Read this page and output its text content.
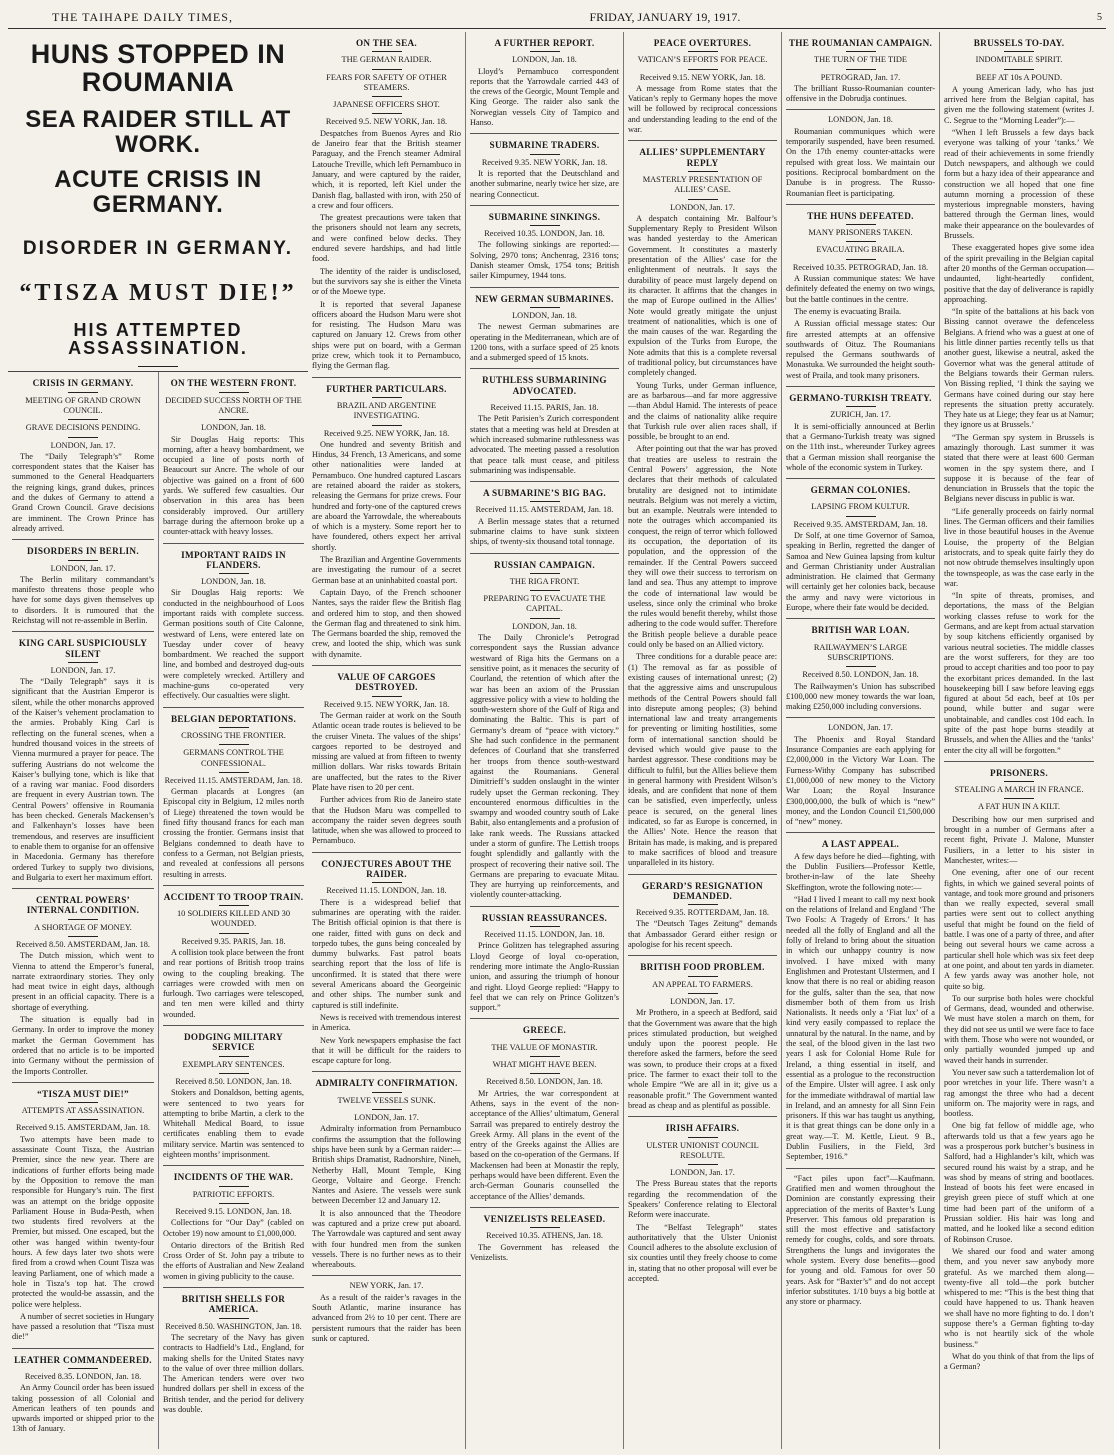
THE TAIHAPE DAILY TIMES,	FRIDAY, JANUARY 19, 1917.	5
HUNS STOPPED IN ROUMANIA
SEA RAIDER STILL AT WORK.
ACUTE CRISIS IN GERMANY.
DISORDER IN GERMANY.
“TISZA MUST DIE!”
HIS ATTEMPTED ASSASSINATION.
CRISIS IN GERMANY.
MEETING OF GRAND CROWN COUNCIL.
GRAVE DECISIONS PENDING.
LONDON, Jan. 17.

The “Daily Telegraph’s” Rome correspondent states that the Kaiser has summoned to the General Headquarters the reigning kings, grand dukes, princes and the dukes of Germany to attend a Grand Crown Council. Grave decisions are imminent. The Crown Prince has already arrived.

DISORDERS IN BERLIN.
LONDON, Jan. 17.

The Berlin military commandant’s manifesto threatens those people who have for some days given themselves up to disorders. It is rumoured that the Reichstag will not re-assemble in Berlin.

KING CARL SUSPICIOUSLY SILENT
LONDON, Jan. 17.

The “Daily Telegraph” says it is significant that the Austrian Emperor is silent, while the other monarchs approved of the Kaiser’s vehement proclamation to the armies. Probably King Carl is reflecting on the funeral scenes, when a hundred thousand voices in the streets of Vienna murmured a prayer for peace. The suffering Austrians do not welcome the Kaiser’s bullying tone, which is like that of a raving war maniac. Food disorders are frequent in every Austrian town. The Central Powers’ offensive in Roumania has been checked. Generals Mackensen’s and Falkenhayn’s losses have been tremendous, and reserves are insufficient to enable them to organise for an offensive in Macedonia. Germany has therefore ordered Turkey to supply two divisions, and Bulgaria to exert her maximum effort.

CENTRAL POWERS’ INTERNAL CONDITION.
A SHORTAGE OF MONEY.
Received 8.50. AMSTERDAM, Jan. 18.

The Dutch mission, which went to Vienna to attend the Emperor’s funeral, narrate extraordinary stories. They only had meat twice in eight days, although present in an official capacity. There is a shortage of everything.

The situation is equally bad in Germany. In order to improve the money market the German Government has ordered that no article is to be imported into Germany without the permission of the Imports Controller.

“TISZA MUST DIE!”
ATTEMPTS AT ASSASSINATION.
Received 9.15. AMSTERDAM, Jan. 18.

Two attempts have been made to assassinate Count Tisza, the Austrian Premier, since the new year. There are indications of further efforts being made by the Opposition to remove the man responsible for Hungary’s ruin. The first was an attempt on the bridge opposite Parliament House in Buda-Pesth, when two students fired revolvers at the Premier, but missed. One escaped, but the other was hanged within twenty-four hours. A few days later two shots were fired from a crowd when Count Tisza was leaving Parliament, one of which made a hole in Tisza’s top hat. The crowd protected the would-be assassin, and the police were helpless.

A number of secret societies in Hungary have passed a resolution that “Tisza must die!”

LEATHER COMMANDEERED.
Received 8.35. LONDON, Jan. 18.

An Army Council order has been issued taking possession of all Colonial and American leathers of ten pounds and upwards imported or shipped prior to the 13th of January.

ON THE WESTERN FRONT.
DECIDED SUCCESS NORTH OF THE ANCRE.
LONDON, Jan. 18.

Sir Douglas Haig reports: This morning, after a heavy bombardment, we occupied a line of posts north of Beaucourt sur Ancre. The whole of our objective was gained on a front of 600 yards. We suffered few casualties. Our observation in this area has been considerably improved. Our artillery barrage during the afternoon broke up a counter-attack with heavy losses.

IMPORTANT RAIDS IN FLANDERS.
LONDON, Jan. 18.

Sir Douglas Haig reports: We conducted in the neighbourhood of Loos important raids with complete success. German positions south of Cite Calonne, westward of Lens, were entered late on Tuesday under cover of heavy bombardment. We reached the support line, and bombed and destroyed dug-outs were completely wrecked. Artillery and machine-guns co-operated very effectively. Our casualties were slight.

BELGIAN DEPORTATIONS.
CROSSING THE FRONTIER.
GERMANS CONTROL THE CONFESSIONAL.
Received 11.15. AMSTERDAM, Jan. 18.

German placards at Longres (an Episcopal city in Belgium, 12 miles north of Liege) threatened the town would be fined fifty thousand francs for each man crossing the frontier. Germans insist that Belgians condemned to death have to confess to a German, not Belgian priests, and revealed at confessions all persons resulting in arrests.

ACCIDENT TO TROOP TRAIN.
10 SOLDIERS KILLED AND 30 WOUNDED.
Received 9.35. PARIS, Jan. 18.

A collision took place between the front and rear portions of British troop trains owing to the coupling breaking. The carriages were crowded with men on furlough. Two carriages were telescoped, and ten men were killed and thirty wounded.

DODGING MILITARY SERVICE
EXEMPLARY SENTENCES.
Received 8.50. LONDON, Jan. 18.

Stokers and Donaldson, betting agents, were sentenced to two years for attempting to bribe Martin, a clerk to the Whitehall Medical Board, to issue certificates enabling them to evade military service. Martin was sentenced to eighteen months’ imprisonment.

INCIDENTS OF THE WAR.
PATRIOTIC EFFORTS.
Received 9.15. LONDON, Jan. 18.

Collections for “Our Day” (cabled on October 19) now amount to £1,000,000.

Ontario directors of the British Red Cross Order of St. John pay a tribute to the efforts of Australian and New Zealand women in giving publicity to the cause.

BRITISH SHELLS FOR AMERICA.
Received 8.50. WASHINGTON, Jan. 18.

The secretary of the Navy has given contracts to Hadfield’s Ltd., England, for making shells for the United States navy to the value of over three million dollars. The American tenders were over two hundred dollars per shell in excess of the British tender, and the period for delivery was double.

ON THE SEA.
THE GERMAN RAIDER.
FEARS FOR SAFETY OF OTHER STEAMERS.
JAPANESE OFFICERS SHOT.
Received 9.5. NEW YORK, Jan. 18.

Despatches from Buenos Ayres and Rio de Janeiro fear that the British steamer Paraguay, and the French steamer Admiral Latouche Treville, which left Pernambuco in January, and were captured by the raider, which, it is reported, left Kiel under the Danish flag, ballasted with iron, with 250 of a crew and four officers.

The greatest precautions were taken that the prisoners should not learn any secrets, and were confined below decks. They endured severe hardships, and had little food.

The identity of the raider is undisclosed, but the survivors say she is either the Vineta or of the Moewe type.

It is reported that several Japanese officers aboard the Hudson Maru were shot for resisting. The Hudson Maru was captured on January 12. Crews from other ships were put on board, with a German prize crew, which took it to Pernambuco, flying the German flag.

FURTHER PARTICULARS.
BRAZIL AND ARGENTINE INVESTIGATING.
Received 9.25. NEW YORK, Jan. 18.

One hundred and seventy British and Hindus, 34 French, 13 Americans, and some other nationalities were landed at Pernambuco. One hundred captured Lascars are retained aboard the raider as stokers, releasing the Germans for prize crews. Four hundred and forty-one of the captured crews are aboard the Yarrowdale, the whereabouts of which is a mystery. Some report her to have foundered, others expect her arrival shortly.

The Brazilian and Argentine Governments are investigating the rumour of a secret German base at an uninhabited coastal port.

Captain Dayo, of the French schooner Nantes, says the raider flew the British flag and ordered him to stop, and then showed the German flag and threatened to sink him. The Germans boarded the ship, removed the crew, and looted the ship, which was sunk with dynamite.

VALUE OF CARGOES DESTROYED.
Received 9.15. NEW YORK, Jan. 18.

The German raider at work on the South Atlantic ocean trade routes is believed to be the cruiser Vineta. The values of the ships’ cargoes reported to be destroyed and missing are valued at from fifteen to twenty million dollars. War risks towards Britain are unaffected, but the rates to the River Plate have risen to 20 per cent.

Further advices from Rio de Janeiro state that the Hudson Maru was compelled to accompany the raider seven degrees south latitude, when she was allowed to proceed to Pernambuco.

CONJECTURES ABOUT THE RAIDER.
Received 11.15. LONDON, Jan. 18.

There is a widespread belief that submarines are operating with the raider. The British official opinion is that there is one raider, fitted with guns on deck and torpedo tubes, the guns being concealed by dummy bulwarks. Fast patrol boats searching report that the loss of life is unconfirmed. It is stated that there were several Americans aboard the Georgeinic and other ships. The number sunk and captured is still indefinite.

News is received with tremendous interest in America.

New York newspapers emphasise the fact that it will be difficult for the raiders to escape capture for long.

ADMIRALTY CONFIRMATION.
TWELVE VESSELS SUNK.
LONDON, Jan. 17.

Admiralty information from Pernambuco confirms the assumption that the following ships have been sunk by a German raider:—British ships Dramatist, Radnorshire, Nineh, Netherby Hall, Mount Temple, King George, Voltaire and George. French: Nantes and Asiere. The vessels were sunk between December 12 and January 12.

It is also announced that the Theodore was captured and a prize crew put aboard. The Yarrowdale was captured and sent away with four hundred men from the sunken vessels. There is no further news as to their whereabouts.

NEW YORK, Jan. 17.

As a result of the raider’s ravages in the South Atlantic, marine insurance has advanced from 2½ to 10 per cent. There are persistent rumours that the raider has been sunk or captured.

A FURTHER REPORT.
LONDON, Jan. 18.

Lloyd’s Pernambuco correspondent reports that the Yarrowdale carried 443 of the crews of the Georgic, Mount Temple and King George. The raider also sank the Norwegian vessels City of Tampico and Hanso.

SUBMARINE TRADERS.
Received 9.35. NEW YORK, Jan. 18.

It is reported that the Deutschland and another submarine, nearly twice her size, are nearing Connecticut.

SUBMARINE SINKINGS.
Received 10.35. LONDON, Jan. 18.

The following sinkings are reported:— Solving, 2970 tons; Anchenrag, 2316 tons; Danish steamer Omsk, 1754 tons; British sailer Kimpurney, 1944 tons.

NEW GERMAN SUBMARINES.
LONDON, Jan. 18.

The newest German submarines are operating in the Mediterranean, which are of 1200 tons, with a surface speed of 25 knots and a submerged speed of 15 knots.

RUTHLESS SUBMARINING ADVOCATED.
Received 11.15. PARIS, Jan. 18.

The Petit Parisien’s Zurich correspondent states that a meeting was held at Dresden at which increased submarine ruthlessness was advocated. The meeting passed a resolution that peace talk must cease, and pitiless submarining was indispensable.

A SUBMARINE’S BIG BAG.
Received 11.15. AMSTERDAM, Jan. 18.

A Berlin message states that a returned submarine claims to have sunk sixteen ships, of twenty-six thousand total tonnage.

RUSSIAN CAMPAIGN.
THE RIGA FRONT.
PREPARING TO EVACUATE THE CAPITAL.
LONDON, Jan. 18.

The Daily Chronicle’s Petrograd correspondent says the Russian advance westward of Riga hits the Germans on a sensitive point, as it menaces the security of Courland, the retention of which after the war has been an axiom of the Prussian aggressive policy with a view to holding the south-western shore of the Gulf of Riga and dominating the Baltic. This is part of Germany’s dream of “peace with victory.” She had such confidence in the permanent defences of Courland that she transferred her troops from thence south-westward against the Roumanians. General Dimitrieff’s sudden onslaught in the winter rudely upset the German reckoning. They encountered enormous difficulties in the swampy and wooded country south of Lake Babit, also entanglements and a profusion of lake rank weeds. The Russians attacked under a storm of gunfire. The Lettish troops fought splendidly and gallantly with the prospect of recovering their native soil. The Germans are preparing to evacuate Mitau. They are hurrying up reinforcements, and violently counter-attacking.

RUSSIAN REASSURANCES.
Received 11.15. LONDON, Jan. 18.

Prince Golitzen has telegraphed assuring Lloyd George of loyal co-operation, rendering more intimate the Anglo-Russian union, and assuring the triumph of honour and right. Lloyd George replied: “Happy to feel that we can rely on Prince Golitzen’s support.”

GREECE.
THE VALUE OF MONASTIR.
WHAT MIGHT HAVE BEEN.
Received 8.50. LONDON, Jan. 18.

Mr Artries, the war correspondent at Athens, says in the event of the non-acceptance of the Allies’ ultimatum, General Sarrail was prepared to entirely destroy the Greek Army. All plans in the event of the entry of the Greeks against the Allies are based on the co-operation of the Germans. If Mackensen had been at Monastir the reply, perhaps would have been different. Even the arch-German Gounaris counselled the acceptance of the Allies’ demands.

VENIZELISTS RELEASED.
Received 10.35. ATHENS, Jan. 18.

The Government has released the Venizelists.

PEACE OVERTURES.
VATICAN’S EFFORTS FOR PEACE.
Received 9.15. NEW YORK, Jan. 18.

A message from Rome states that the Vatican’s reply to Germany hopes the move will be followed by reciprocal concessions and understanding leading to the end of the war.

ALLIES’ SUPPLEMENTARY REPLY
MASTERLY PRESENTATION OF ALLIES’ CASE.
LONDON, Jan. 17.

A despatch containing Mr. Balfour’s Supplementary Reply to President Wilson was handed yesterday to the American Government. It constitutes a masterly presentation of the Allies’ case for the enlightenment of neutrals. It says the durability of peace must largely depend on its character. It affirms that the changes in the map of Europe outlined in the Allies’ Note would greatly mitigate the unjust treatment of nationalities, which is one of the main causes of the war. Regarding the expulsion of the Turks from Europe, the Note admits that this is a complete reversal of traditional policy, but circumstances have completely changed.

Young Turks, under German influence, are as barbarous—and far more aggressive—than Abdul Hamid. The interests of peace and the claims of nationality alike require that Turkish rule over alien races shall, if possible, be brought to an end.

After pointing out that the war has proved that treaties are useless to restrain the Central Powers’ aggression, the Note declares that their methods of calculated brutality are designed not to intimidate neutrals. Belgium was not merely a victim, but an example. Neutrals were intended to note the outrages which accompanied its conquest, the reign of terror which followed its occupation, the deportation of its population, and the oppression of the remainder. If the Central Powers succeed they will owe their success to terrorism on land and sea. Thus any attempt to improve the code of international law would be useless, since only the criminal who broke the rules would benefit thereby, whilst those adhering to the code would suffer. Therefore the British people believe a durable peace could only be based on an Allied victory.

Three conditions for a durable peace are: (1) The removal as far as possible of existing causes of international unrest; (2) that the aggressive aims and unscrupulous methods of the Central Powers should fall into disrepute among peoples; (3) behind international law and treaty arrangements for preventing or limiting hostilities, some form of international sanction should be devised which would give pause to the hardest aggressor. These conditions may be difficult to fulfil, but the Allies believe them in general harmony with President Wilson’s ideals, and are confident that none of them can be satisfied, even imperfectly, unless peace is secured, on the general lines indicated, so far as Europe is concerned, in the Allies’ Note. Hence the reason that Britain has made, is making, and is prepared to make sacrifices of blood and treasure unparalleled in its history.

GERARD’S RESIGNATION DEMANDED.
Received 9.35. ROTTERDAM, Jan. 18.

The “Deutsch Tages Zeitung” demands that Ambassador Gerard either resign or apologise for his recent speech.

BRITISH FOOD PROBLEM.
AN APPEAL TO FARMERS.
LONDON, Jan. 17.

Mr Prothero, in a speech at Bedford, said that the Government was aware that the high prices stimulated production, but weighed unduly upon the poorest people. He therefore asked the farmers, before the seed was sown, to produce their crops at a fixed price. The farmer to exact their toll to the whole Empire “We are all in it; give us a reasonable profit.” The Government wanted bread as cheap and as plentiful as possible.

IRISH AFFAIRS.
ULSTER UNIONIST COUNCIL RESOLUTE.
LONDON, Jan. 17.

The Press Bureau states that the reports regarding the recommendation of the Speakers’ Conference relating to Electoral Reform were inaccurate.

The “Belfast Telegraph” states authoritatively that the Ulster Unionist Council adheres to the absolute exclusion of six counties until they freely choose to come in, stating that no other proposal will ever be accepted.

THE ROUMANIAN CAMPAIGN.
THE TURN OF THE TIDE
PETROGRAD, Jan. 17.

The brilliant Russo-Roumanian counter-offensive in the Dobrudja continues.

LONDON, Jan. 18.

Roumanian communiques which were temporarily suspended, have been resumed. On the 17th enemy counter-attacks were repulsed with great loss. We maintain our positions. Reciprocal bombardment on the Danube is in progress. The Russo-Roumanian fleet is participating.

THE HUNS DEFEATED.
MANY PRISONERS TAKEN.
EVACUATING BRAILA.
Received 10.35. PETROGRAD, Jan. 18.

A Russian communique states: We have definitely defeated the enemy on two wings, but the battle continues in the centre.

The enemy is evacuating Braila.

A Russian official message states: Our fire arrested attempts at an offensive southwards of Oituz. The Roumanians repulsed the Germans southwards of Monastuka. We surrounded the height south-west of Praila, and took many prisoners.

GERMANO-TURKISH TREATY.
ZURICH, Jan. 17.

It is semi-officially announced at Berlin that a Germano-Turkish treaty was signed on the 11th inst., whereunder Turkey agrees that a German mission shall reorganise the whole of the economic system in Turkey.

GERMAN COLONIES.
LAPSING FROM KULTUR.
Received 9.35. AMSTERDAM, Jan. 18.

Dr Solf, at one time Governor of Samoa, speaking in Berlin, regretted the danger of Samoa and New Guinea lapsing from kultur and German Christianity under Australian administration. He claimed that Germany will certainly get her colonies back, because the army and navy were victorious in Europe, where their fate would be decided.

BRITISH WAR LOAN.
RAILWAYMEN’S LARGE SUBSCRIPTIONS.
Received 8.50. LONDON, Jan. 18.

The Railwaymen’s Union has subscribed £100,000 new money towards the war loan, making £250,000 including conversions.

LONDON, Jan. 17.

The Phoenix and Royal Standard Insurance Companies are each applying for £2,000,000 in the Victory War Loan. The Furness-Withy Company has subscribed £1,000,000 of new money to the Victory War Loan; the Royal Insurance £300,000,000, the bulk of which is “new” money, and the London Council £1,500,000 of “new” money.

A LAST APPEAL.

A few days before he died—fighting, with the Dublin Fusiliers—Professor Kettle, brother-in-law of the late Sheehy Skeffington, wrote the following note:—

“Had I lived I meant to call my next book on the relations of Ireland and England ‘The Two Fools: A Tragedy of Errors.’ It has needed all the folly of England and all the folly of Ireland to bring about the situation in which our unhappy country is now involved. I have mixed with many Englishmen and Protestant Ulstermen, and I know that there is no real or abiding reason for the gulfs, salter than the sea, that now dismember both of them from us Irish Nationalists. It needs only a ‘Fiat lux’ of a kind very easily compassed to replace the unnatural by the natural. In the name, and by the seal, of the blood given in the last two years I ask for Colonial Home Rule for Ireland, a thing essential in itself, and essential as a prologue to the reconstruction of the Empire. Ulster will agree. I ask only for the immediate withdrawal of martial law in Ireland, and an amnesty for all Sinn Fein prisoners. If this war has taught us anything, it is that great things can be done only in a great way.—T. M. Kettle, Lieut. 9 B., Dublin Fusiliers, in the Field, 3rd September, 1916.”

“Fact piles upon fact”—Kaufmann. Gratified men and women throughout the Dominion are constantly expressing their appreciation of the merits of Baxter’s Lung Preserver. This famous old preparation is still the most effective and satisfactory remedy for coughs, colds, and sore throats. Strengthens the lungs and invigorates the whole system. Every dose benefits—good for young and old. Famous for over 50 years. Ask for “Baxter’s” and do not accept inferior substitutes. 1/10 buys a big bottle at any store or pharmacy.

BRUSSELS TO-DAY.
INDOMITABLE SPIRIT.
BEEF AT 10s A POUND.

A young American lady, who has just arrived here from the Belgian capital, has given me the following statement (writes J. C. Segrue to the “Morning Leader”):—

“When I left Brussels a few days back everyone was talking of your ‘tanks.’ We read of their achievements in some friendly Dutch newspapers, and although we could form but a hazy idea of their appearance and construction we all hoped that one fine autumn morning a procession of these mysterious impregnable monsters, having battered through the German lines, would make their appearance on the boulevardes of Brussels.

These exaggerated hopes give some idea of the spirit prevailing in the Belgian capital after 20 months of the German occupation—undaunted, light-heartedly confident, positive that the day of deliverance is rapidly approaching.

“In spite of the battalions at his back von Bissing cannot overawe the defenceless Belgians. A friend who was a guest at one of his little dinner parties recently tells us that another guest, likewise a neutral, asked the Governor what was the general attitude of the Belgians towards their German rulers. Von Bissing replied, ‘I think the saying we Germans have coined during our stay here represents the situation pretty accurately. They hate us at Liege; they fear us at Namur; they ignore us at Brussels.’

“The German spy system in Brussels is amazingly thorough. Last summer it was stated that there were at least 600 German women in the spy system there, and I suppose it is because of the fear of denunciation in Brussels that the topic the Belgians never discuss in public is war.

“Life generally proceeds on fairly normal lines. The German officers and their families live in those beautiful houses in the Avenue Louise, the property of the Belgian aristocrats, and to speak quite fairly they do not now obtrude themselves insultingly upon the townspeople, as was the case early in the war.

“In spite of threats, promises, and deportations, the mass of the Belgian working classes refuse to work for the Germans, and are kept from actual starvation by soup kitchens efficiently organised by various neutral societies. The middle classes are the worst sufferers, for they are too proud to accept charities and too poor to pay the exorbitant prices demanded. In the last housekeeping bill I saw before leaving eggs figured at about 5d each, beef at 10s per pound, while butter and sugar were unobtainable, and candles cost 10d each. In spite of the past hope burns steadily at Brussels, and when the Allies and the ‘tanks’ enter the city all will be forgotten.”

PRISONERS.
STEALING A MARCH IN FRANCE.
A FAT HUN IN A KILT.

Describing how our men surprised and brought in a number of Germans after a recent fight, Private J. Malone, Munster Fusiliers, in a letter to his sister in Manchester, writes:—

One evening, after one of our recent fights, in which we gained several points of vantage, and took more ground and prisoners than we really expected, several small parties were sent out to collect anything useful that might be found on the field of battle. I was one of a party of three, and after being out several hours we came across a particular shell hole which was six feet deep at one point, and about ten yards in diameter. A few yards away was another hole, not quite so big.

To our surprise both holes were chockful of Germans, dead, wounded and otherwise. We must have stolen a march on them, for they did not see us until we were face to face with them. Those who were not wounded, or only partially wounded jumped up and waved their hands in surrender.

You never saw such a tatterdemalion lot of poor wretches in your life. There wasn’t a rag amongst the three who had a decent uniform on. The majority were in rags, and bootless.

One big fat fellow of middle age, who afterwards told us that a few years ago he was a prosperous pork butcher’s business in Salford, had a Highlander’s kilt, which was secured round his waist by a strap, and he was shod by means of string and bootlaces. Instead of boots his feet were encased in greyish green piece of stuff which at one time had been part of the uniform of a Prussian soldier. His hair was long and matted, and he looked like a second edition of Robinson Crusoe.

We shared our food and water among them, and you never saw anybody more grateful. As we marched them along—twenty-five all told—the pork butcher whispered to me: “This is the best thing that could have happened to us. Thank heaven we shall have no more fighting to do. I don’t suppose there’s a German fighting to-day who is not heartily sick of the whole business.”

What do you think of that from the lips of a German?
